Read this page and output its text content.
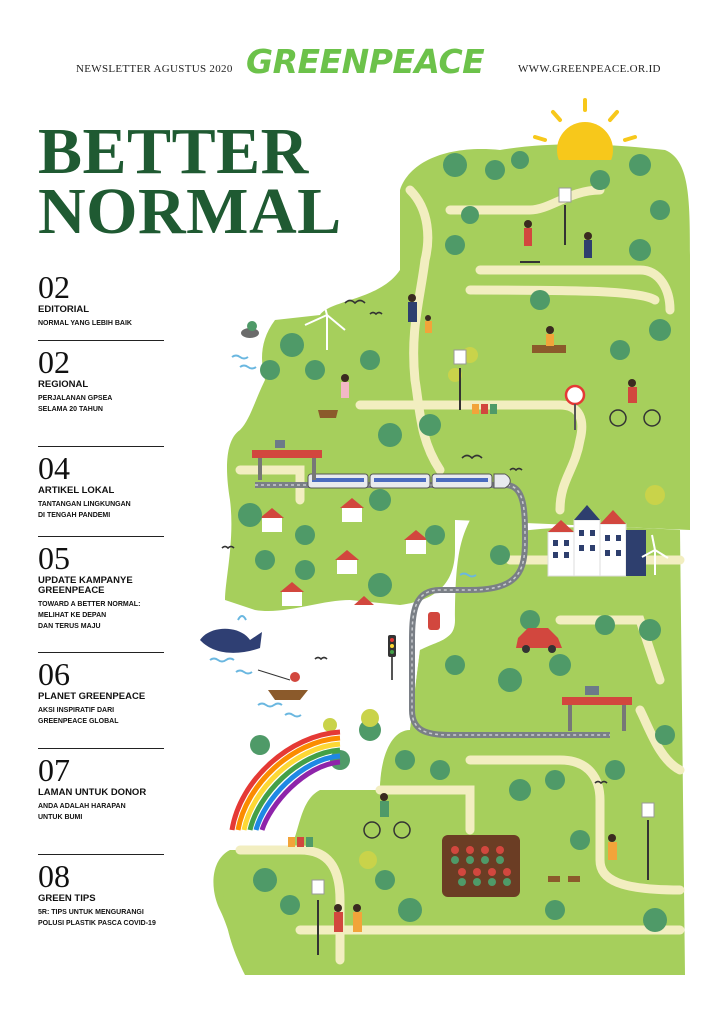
NEWSLETTER AGUSTUS 2020 GREENPEACE	WWW.GREENPEACE.OR.ID
BETTER
NORMAL
02
EDITORIAL
NORMAL YANG LEBIH BAIK
02
REGIONAL
PERJALANAN GPSEA
SELAMA 20 TAHUN
04
ARTIKEL LOKAL
TANTANGAN LINGKUNGAN
DI TENGAH PANDEMI
05
UPDATE KAMPANYE GREENPEACE
TOWARD A BETTER NORMAL:
MELIHAT KE DEPAN
DAN TERUS MAJU
06
PLANET GREENPEACE
AKSI INSPIRATIF DARI
GREENPEACE GLOBAL
07
LAMAN UNTUK DONOR
ANDA ADALAH HARAPAN
UNTUK BUMI
08
GREEN TIPS
5R: TIPS UNTUK MENGURANGI
POLUSI PLASTIK PASCA COVID-19
